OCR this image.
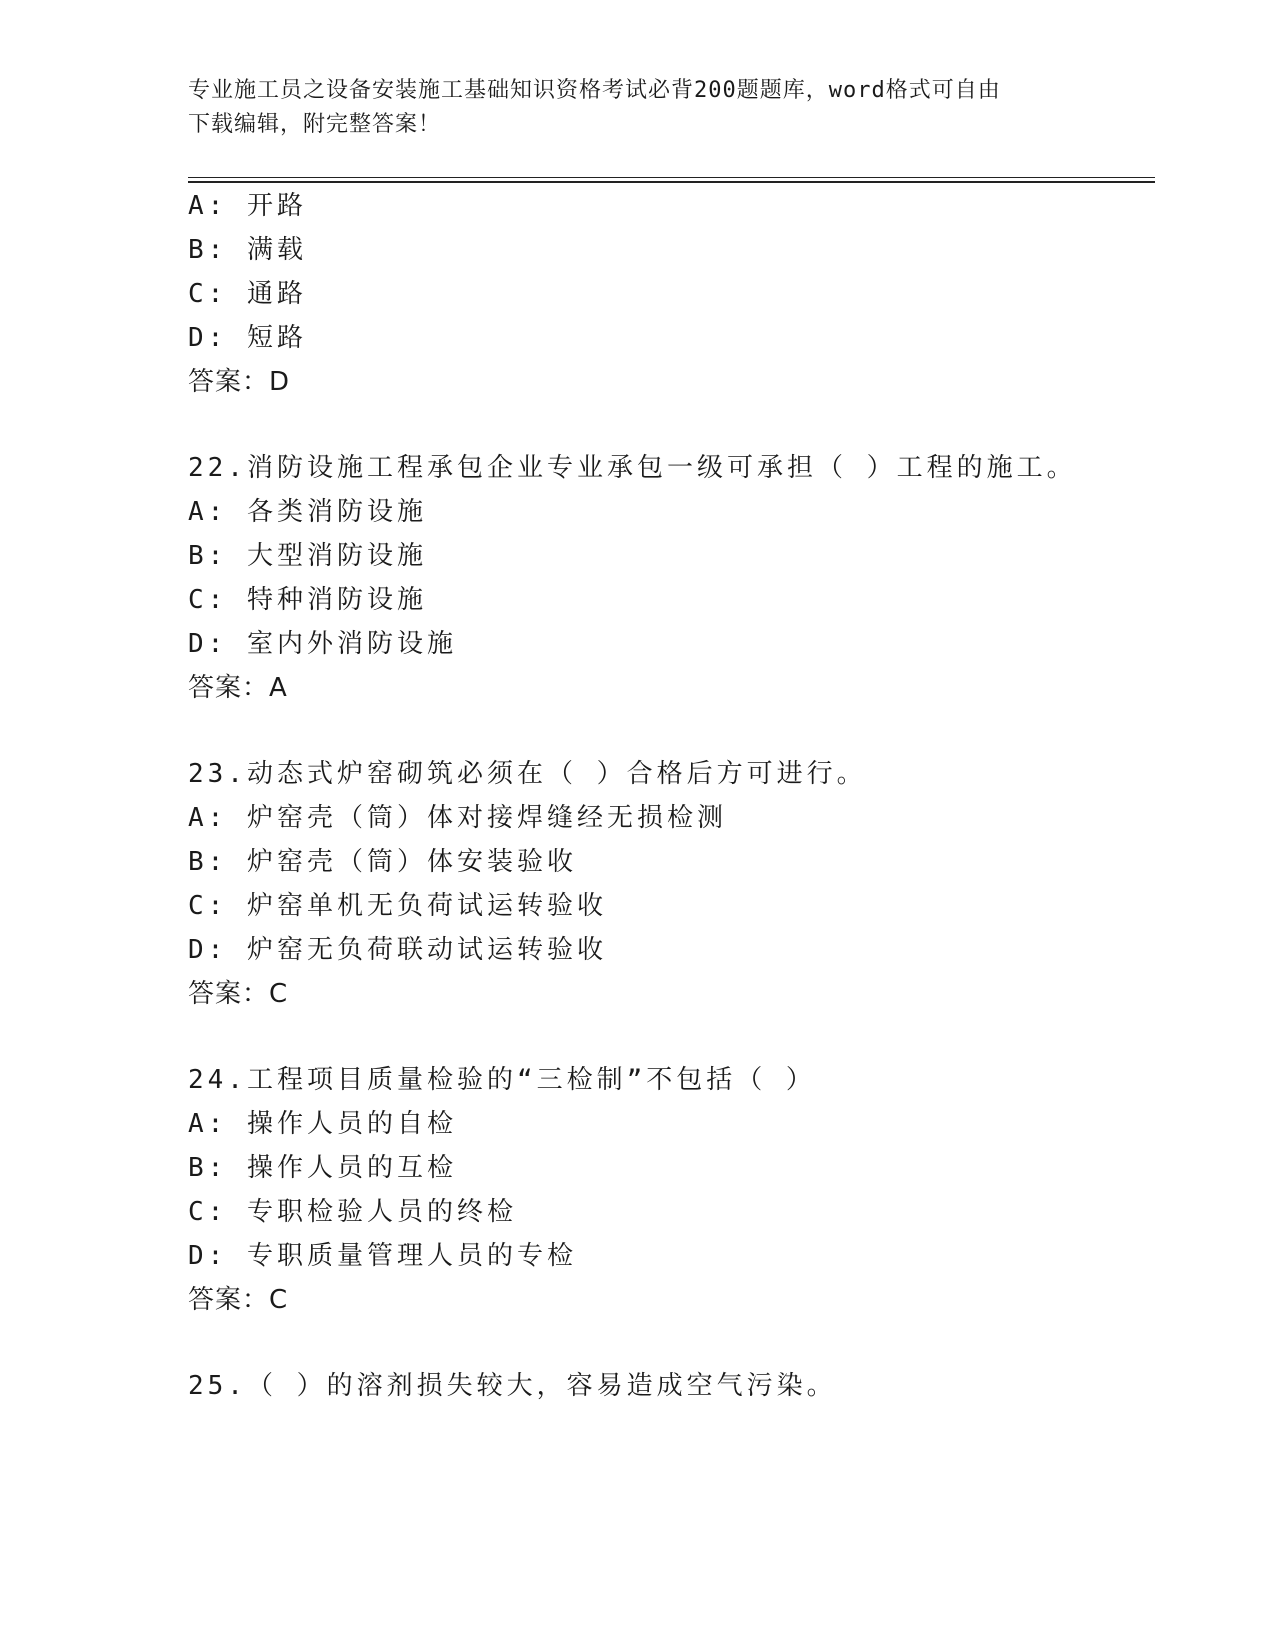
专业施工员之设备安装施工基础知识资格考试必背200题题库，word格式可自由
下载编辑，附完整答案！
A: 开路
B: 满载
C: 通路
D: 短路
答案：D
22.消防设施工程承包企业专业承包一级可承担（ ）工程的施工。
A: 各类消防设施
B: 大型消防设施
C: 特种消防设施
D: 室内外消防设施
答案：A
23.动态式炉窑砌筑必须在（ ）合格后方可进行。
A: 炉窑壳（筒）体对接焊缝经无损检测
B: 炉窑壳（筒）体安装验收
C: 炉窑单机无负荷试运转验收
D: 炉窑无负荷联动试运转验收
答案：C
24.工程项目质量检验的“三检制”不包括（ ）
A: 操作人员的自检
B: 操作人员的互检
C: 专职检验人员的终检
D: 专职质量管理人员的专检
答案：C
25.（ ）的溶剂损失较大，容易造成空气污染。
